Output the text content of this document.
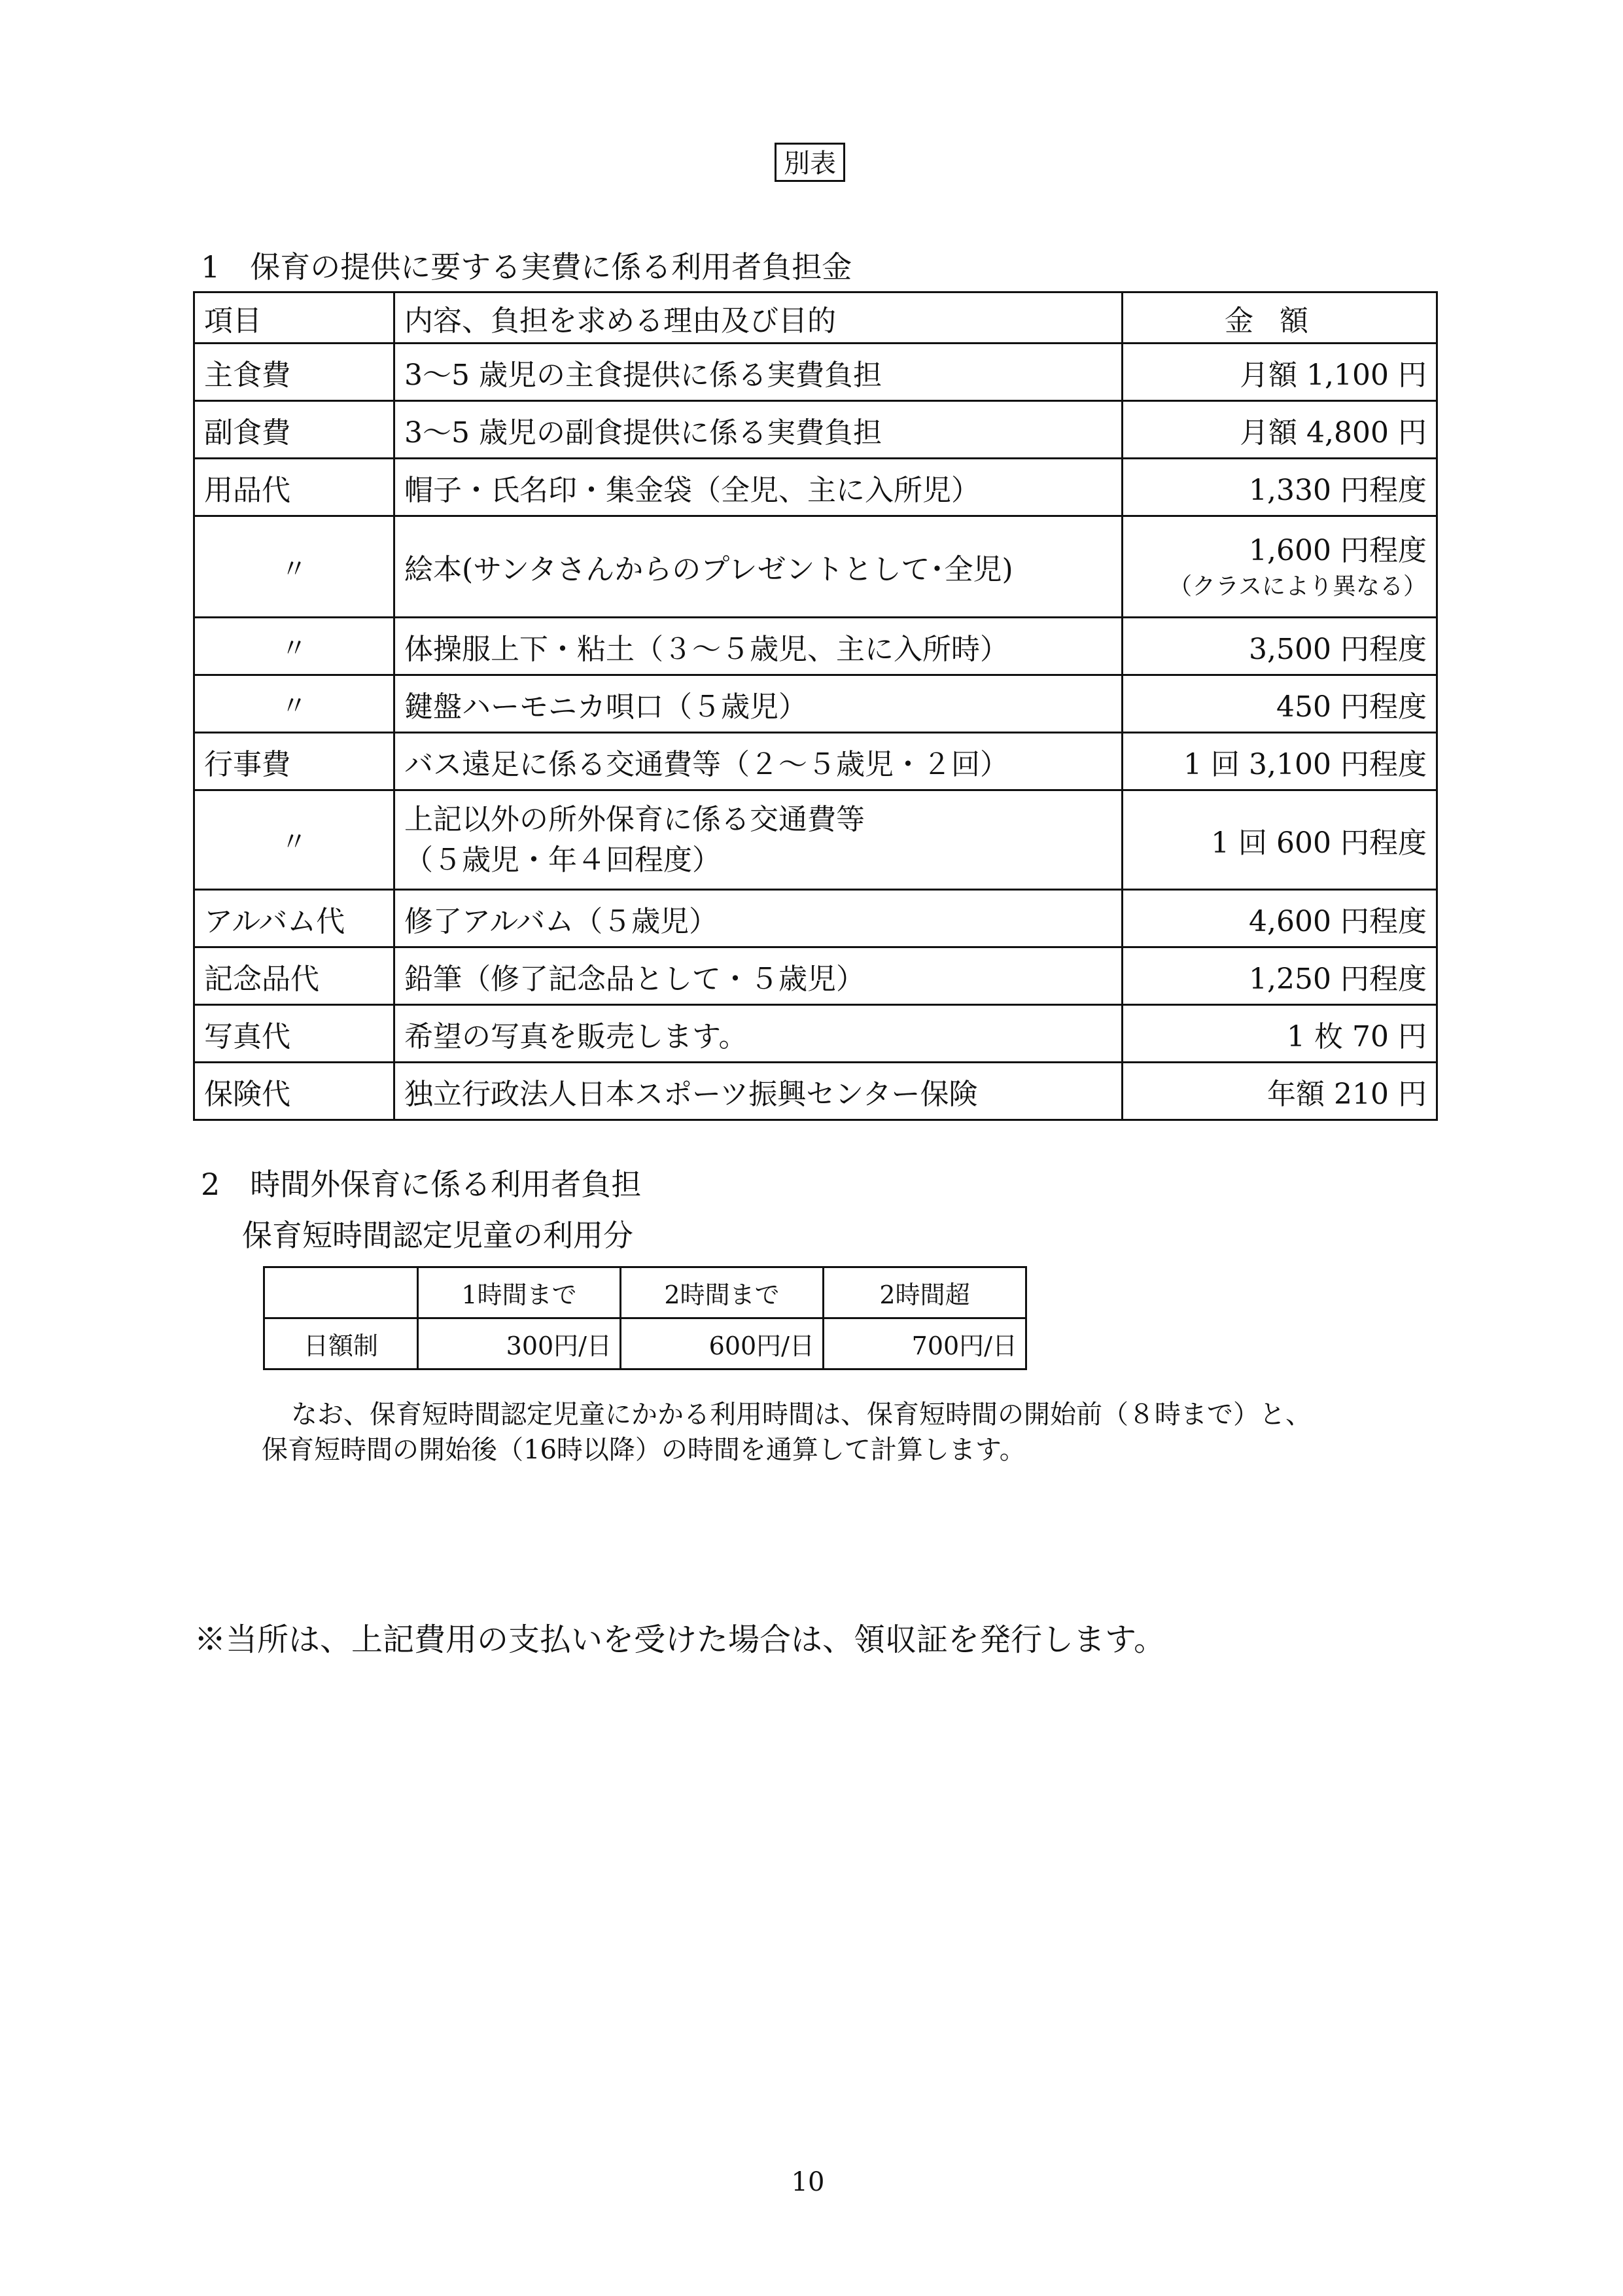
別表
1　保育の提供に要する実費に係る利用者負担金
項目	内容、負担を求める理由及び目的	金額
主食費	3～5 歳児の主食提供に係る実費負担	月額 1,100 円
副食費	3～5 歳児の副食提供に係る実費負担	月額 4,800 円
用品代	帽子・氏名印・集金袋（全児、主に入所児）	1,330 円程度
〃	絵本(サンタさんからのプレゼントとして･全児)	1,600 円程度
（クラスにより異なる）

〃	体操服上下・粘土（３～５歳児、主に入所時）	3,500 円程度
〃	鍵盤ハーモニカ唄口（５歳児）	450 円程度
行事費	バス遠足に係る交通費等（２～５歳児・２回）	1 回 3,100 円程度
〃	上記以外の所外保育に係る交通費等
（５歳児・年４回程度）	1 回 600 円程度
アルバム代	修了アルバム（５歳児）	4,600 円程度
記念品代	鉛筆（修了記念品として・５歳児）	1,250 円程度
写真代	希望の写真を販売します。	1 枚 70 円
保険代	独立行政法人日本スポーツ振興センター保険	年額 210 円
2　時間外保育に係る利用者負担
保育短時間認定児童の利用分
	1時間まで	2時間まで	2時間超
日額制	300円/日	600円/日	700円/日
なお、保育短時間認定児童にかかる利用時間は、保育短時間の開始前（８時まで）と、
保育短時間の開始後（16時以降）の時間を通算して計算します。
※当所は、上記費用の支払いを受けた場合は、領収証を発行します。
10
